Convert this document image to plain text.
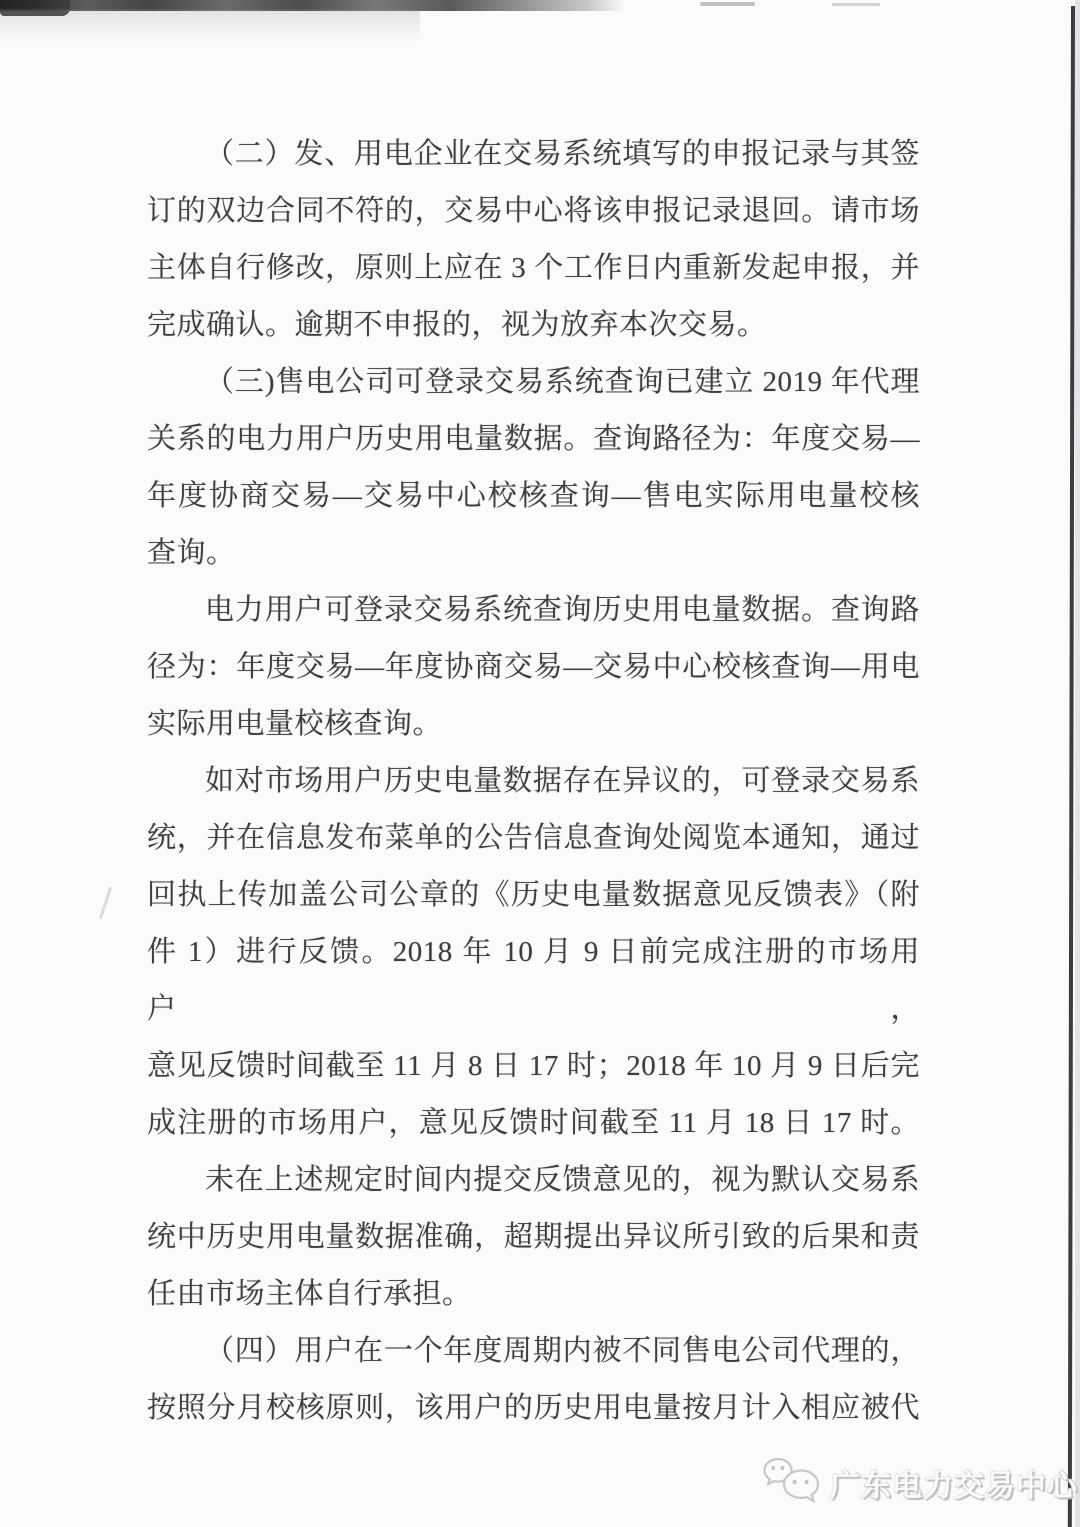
（二）发、用电企业在交易系统填写的申报记录与其签
订的双边合同不符的，交易中心将该申报记录退回。请市场
主体自行修改，原则上应在 3 个工作日内重新发起申报，并
完成确认。逾期不申报的，视为放弃本次交易。
（三)售电公司可登录交易系统查询已建立 2019 年代理
关系的电力用户历史用电量数据。查询路径为：年度交易—
年度协商交易—交易中心校核查询—售电实际用电量校核
查询。
电力用户可登录交易系统查询历史用电量数据。查询路
径为：年度交易—年度协商交易—交易中心校核查询—用电
实际用电量校核查询。
如对市场用户历史电量数据存在异议的，可登录交易系
统，并在信息发布菜单的公告信息查询处阅览本通知，通过
回执上传加盖公司公章的《历史电量数据意见反馈表》（附
件 1）进行反馈。2018 年 10 月 9 日前完成注册的市场用户，
意见反馈时间截至 11 月 8 日 17 时；2018 年 10 月 9 日后完
成注册的市场用户，意见反馈时间截至 11 月 18 日 17 时。
未在上述规定时间内提交反馈意见的，视为默认交易系
统中历史用电量数据准确，超期提出异议所引致的后果和责
任由市场主体自行承担。
（四）用户在一个年度周期内被不同售电公司代理的，
按照分月校核原则，该用户的历史用电量按月计入相应被代
广东电力交易中心
